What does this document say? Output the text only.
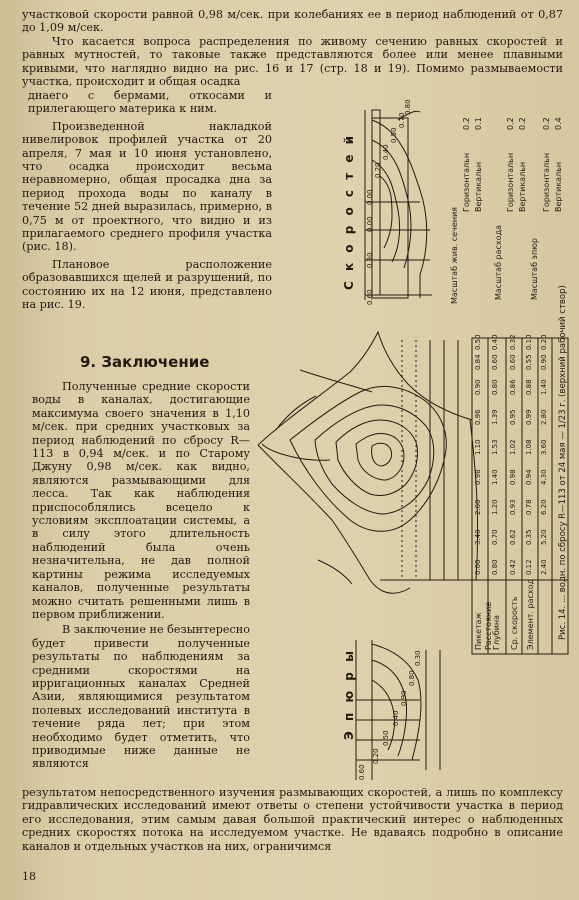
участковой скорости равной 0,98 м/сек. при колебаниях ее в период наблюдений от 0,87 до 1,09 м/сек.

Что касается вопроса распределения по живому сечению равных скоростей и равных мутностей, то таковые также представляются более или менее плавными кривыми, что наглядно видно на рис. 16 и 17 (стр. 18 и 19). Помимо размываемости участка, происходит и общая осадка

днаего с бермами, откосами и прилегающего материка к ним.

Произведенной накладкой нивелировок профилей участка от 20 апреля, 7 мая и 10 июня установлено, что осадка происходит весьма неравномерно, общая просадка дна за период прохода воды по каналу в течение 52 дней выразилась, примерно, в 0,75 м от проектного, что видно и из прилагаемого среднего профиля участка (рис. 18).

Плановое расположение образовавшихся щелей и разрушений, по состоянию их на 12 июня, представлено на рис. 19.

9. Заключение

Полученные средние скорости воды в каналах, достигающие максимума своего значения в 1,10 м/сек. при средних участковых за период наблюдений по сбросу R—113 в 0,94 м/сек. и по Старому Джуну 0,98 м/сек. как видно, являются размывающими для лесса. Так как наблюдения приспособлялись всецело к условиям эксплоатации системы, а в силу этого длительность наблюдений была очень незначительна, не дав полной картины режима исследуемых каналов, полученные результаты можно считать решенными лишь в первом приближении.

В заключение не безынтересно будет привести полученные результаты по наблюдениям за средними скоростями на ирригационных каналах Средней Азии, являющимися результатом полевых исследований института в течение ряда лет; при этом необходимо будет отметить, что приводимые ниже данные не являются

результатом непосредственного изучения размывающих скоростей, а лишь по комплексу гидравлических исследований имеют ответы о степени устойчивости участка в период его исследования, этим самым давая большой практический интерес о наблюденных средних скоростях потока на исследуемом участке. Не вдаваясь подробно в описание каналов и отдельных участков на них, ограничимся

18
С к о р о с т е й
Э п ю р ы
Масштаб жив. сечения
Горизонтальн Вертикальн
0.2 0.1
Масштаб расхода
Горизонтальн Вертикальн
0.2 0.2
Масштаб эпюр
Горизонтальн Вертикальн
0.2 0.4
Рис. 14. ... водн. по сбросу R—113 от 24 мая — 1/23 г. (верхний рабочий створ)
0.60
0.30
0.00
0.00
0.20
0.40
0.50
0.70
0.80
0.60
0.20
0.50
0.40
0.90
0.80
0.30
Пикетаж Расстояние Глубина Ср. скорость Элемент. расход
0.00
3.40
2.60
0.98
1.10
0.96
0.90
0.84
0.50
0.80
0.70
1.20
1.40
1.53
1.39
0.80
0.60
0.40
0.42
0.62
0.93
0.98
1.02
0.95
0.86
0.60
0.32
0.12
0.35
0.78
0.94
1.08
0.99
0.88
0.55
0.10
2.40
5.20
6.20
4.30
3.60
2.80
1.40
0.90
0.20
